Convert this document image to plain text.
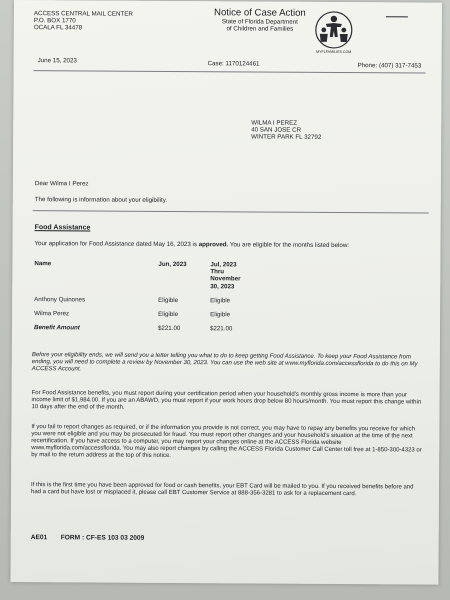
ACCESS CENTRAL MAIL CENTER
P.O. BOX 1770
OCALA FL 34478
Notice of Case Action
State of Florida Department
of Children and Families
MYFLFAMILIES.COM
June 15, 2023	Case: 1170124461	Phone: (407) 317-7453
WILMA I PEREZ
40 SAN JOSE CR
WINTER PARK FL 32792
Dear Wilma I Perez
The following is information about your eligibility.
Food Assistance
Your application for Food Assistance dated May 16, 2023 is approved. You are eligible for the months listed below:
Name	Jun, 2023	Jul, 2023
Thru
November
30, 2023
Anthony Quinones	Eligible	Eligible
Wilma Perez	Eligible	Eligible
Benefit Amount	$221.00	$221.00
Before your eligibility ends, we will send you a letter telling you what to do to keep getting Food Assistance. To keep your Food Assistance from ending, you will need to complete a review by November 30, 2023. You can use the web site at www.myflorida.com/accessflorida to do this on My ACCESS Account.
For Food Assistance benefits, you must report during your certification period when your household's monthly gross income is more than your income limit of $1,984.00. If you are an ABAWD, you must report if your work hours drop below 80 hours/month. You must report this change within 10 days after the end of the month.
If you fail to report changes as required, or if the information you provide is not correct, you may have to repay any benefits you receive for which you were not eligible and you may be prosecuted for fraud. You must report other changes and your household's situation at the time of the next recertification. If you have access to a computer, you may report your changes online at the ACCESS Florida website www.myflorida.com/accessflorida. You may also report changes by calling the ACCESS Florida Customer Call Center toll free at 1-850-300-4323 or by mail to the return address at the top of this notice.
If this is the first time you have been approved for food or cash benefits, your EBT Card will be mailed to you. If you received benefits before and had a card but have lost or misplaced it, please call EBT Customer Service at 888-356-3281 to ask for a replacement card.
AE01 FORM : CF-ES 103 03 2009
